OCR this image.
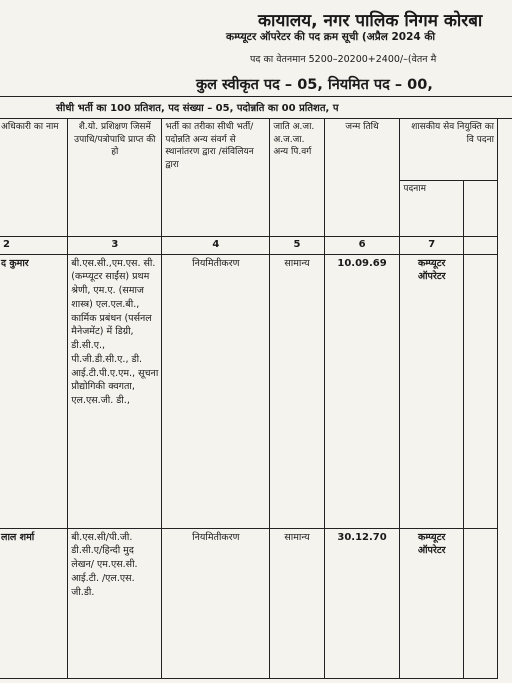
कायालय, नगर पालिक निगम कोरबा
कम्प्यूटर ऑपरेटर की पद क्रम सूची (अप्रैल 2024 की
पद का वेतनमान 5200–20200+2400/–(वेतन मै
कुल स्वीकृत पद – 05, नियमित पद – 00,
सीधी भर्ती का 100 प्रतिशत, पद संख्या – 05, पदोन्नति का 00 प्रतिशत, प
अधिकारी का नाम	शै.यो. प्रशिक्षण जिसमें उपाधि/पत्रोपाधि प्राप्त की हो	भर्ती का तरीका सीधी भर्ती/ पदोन्नति अन्य संवर्ग से स्थानांतरण द्वारा /संविलियन द्वारा	जाति अ.जा. अ.ज.जा. अन्य पि.वर्ग	जन्म तिथि	शासकीय सेव नियुक्ति का वि पदना	
					पदनाम	
2	3	4	5	6	7	
द कुमार	बी.एस.सी.,एम.एस. सी.(कम्प्यूटर साईंस) प्रथम श्रेणी, एम.ए. (समाज शास्त्र) एल.एल.बी., कार्मिक प्रबंधन (पर्सनल मैनेजमेंट) में डिग्री, डी.सी.ए., पी.जी.डी.सी.ए., डी. आई.टी.पी.ए.एम., सूचना प्रौद्योगिकी क्वगता, एल.एस.जी. डी.,	नियमितीकरण	सामान्य	10.09.69	कम्प्यूटर ऑपरेटर	
लाल शर्मा	बी.एस.सी/पी.जी. डी.सी.ए/हिन्दी मुद लेखन/ एम.एस.सी. आई.टी. /एल.एस. जी.डी.	नियमितीकरण	सामान्य	30.12.70	कम्प्यूटर ऑपरेटर	
